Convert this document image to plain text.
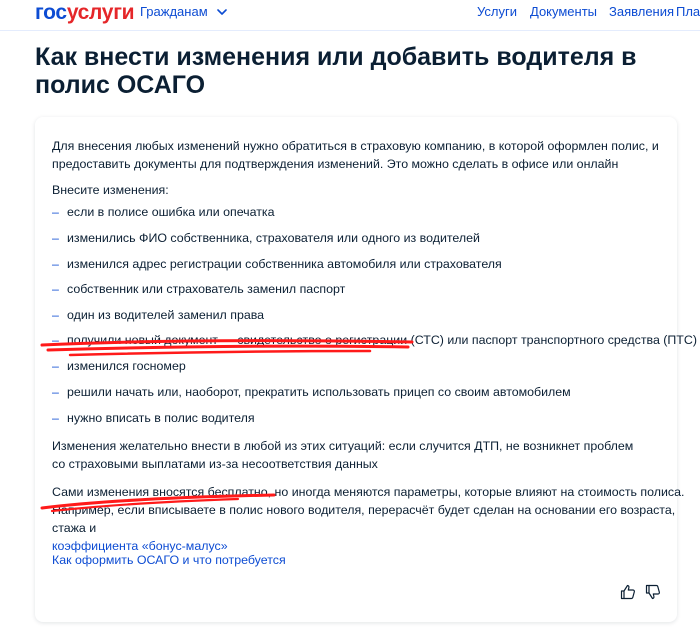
госуслуги Гражданам	Услуги Документы Заявления Пла
Как внести изменения или добавить водителя в полис ОСАГО
Для внесения любых изменений нужно обратиться в страховую компанию, в которой оформлен полис, и
предоставить документы для подтверждения изменений. Это можно сделать в офисе или онлайн
Внесите изменения:
– если в полисе ошибка или опечатка
– изменились ФИО собственника, страхователя или одного из водителей
– изменился адрес регистрации собственника автомобиля или страхователя
– собственник или страхователь заменил паспорт
– один из водителей заменил права
– получили новый документ — свидетельство о регистрации (СТС) или паспорт транспортного средства (ПТС)
– изменился госномер
– решили начать или, наоборот, прекратить использовать прицеп со своим автомобилем
– нужно вписать в полис водителя
Изменения желательно внести в любой из этих ситуаций: если случится ДТП, не возникнет проблем
со страховыми выплатами из-за несоответствия данных
Сами изменения вносятся бесплатно, но иногда меняются параметры, которые влияют на стоимость полиса.
Например, если вписываете в полис нового водителя, перерасчёт будет сделан на основании его возраста, стажа и
коэффициента «бонус-малус»
Как оформить ОСАГО и что потребуется
